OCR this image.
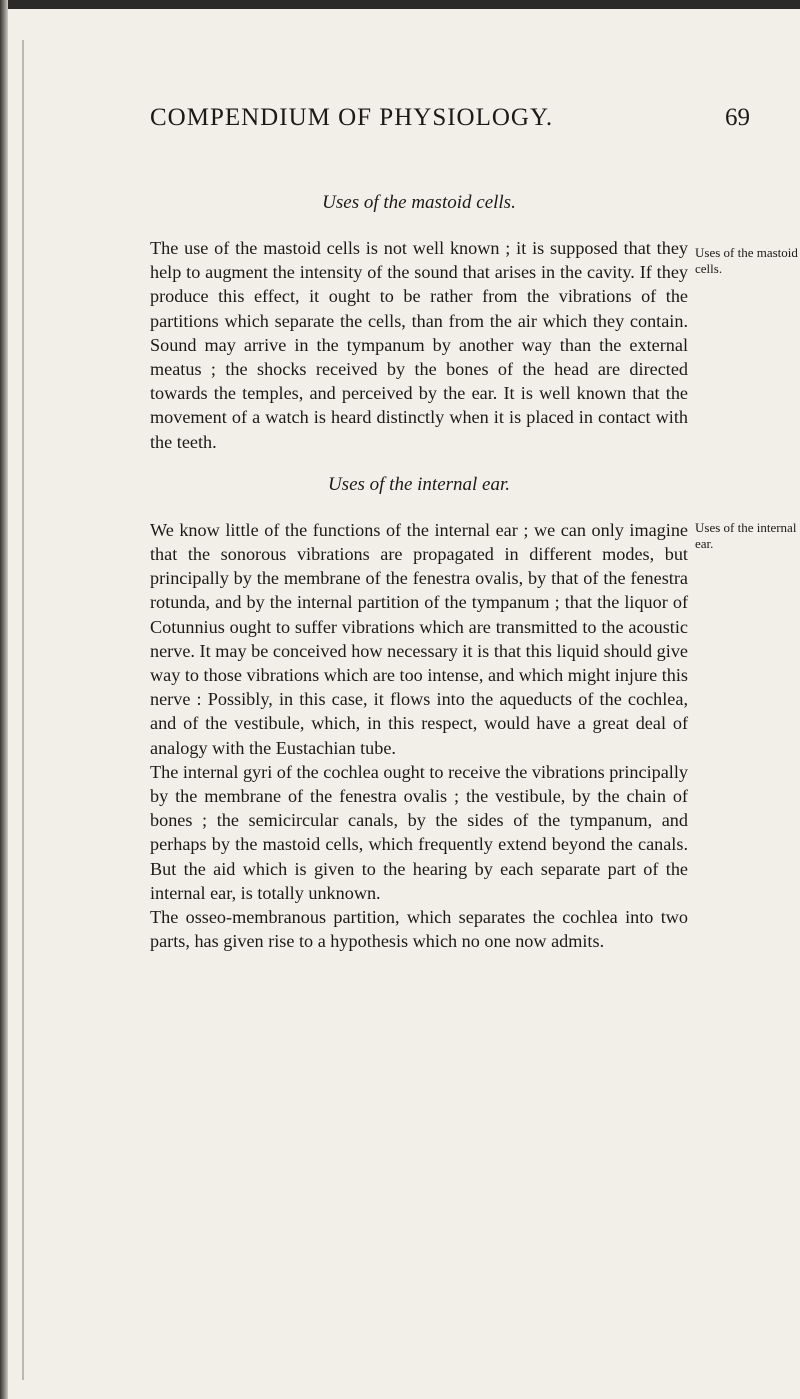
COMPENDIUM OF PHYSIOLOGY.	69
Uses of the mastoid cells.
Uses of the mastoid cells.

The use of the mastoid cells is not well known ; it is supposed that they help to augment the intensity of the sound that arises in the cavity. If they produce this effect, it ought to be rather from the vibrations of the partitions which separate the cells, than from the air which they contain. Sound may arrive in the tympanum by another way than the external meatus ; the shocks received by the bones of the head are directed towards the temples, and perceived by the ear. It is well known that the movement of a watch is heard distinctly when it is placed in contact with the teeth.

Uses of the internal ear.
Uses of the internal ear.

We know little of the functions of the internal ear ; we can only imagine that the sonorous vibrations are propagated in different modes, but principally by the membrane of the fenestra ovalis, by that of the fenestra rotunda, and by the internal partition of the tympanum ; that the liquor of Cotunnius ought to suffer vibrations which are transmitted to the acoustic nerve. It may be conceived how necessary it is that this liquid should give way to those vibrations which are too intense, and which might injure this nerve : Possibly, in this case, it flows into the aqueducts of the cochlea, and of the vestibule, which, in this respect, would have a great deal of analogy with the Eustachian tube.

The internal gyri of the cochlea ought to receive the vibrations principally by the membrane of the fenestra ovalis ; the vestibule, by the chain of bones ; the semicircular canals, by the sides of the tympanum, and perhaps by the mastoid cells, which frequently extend beyond the canals. But the aid which is given to the hearing by each separate part of the internal ear, is totally unknown.

The osseo-membranous partition, which separates the cochlea into two parts, has given rise to a hypothesis which no one now admits.
